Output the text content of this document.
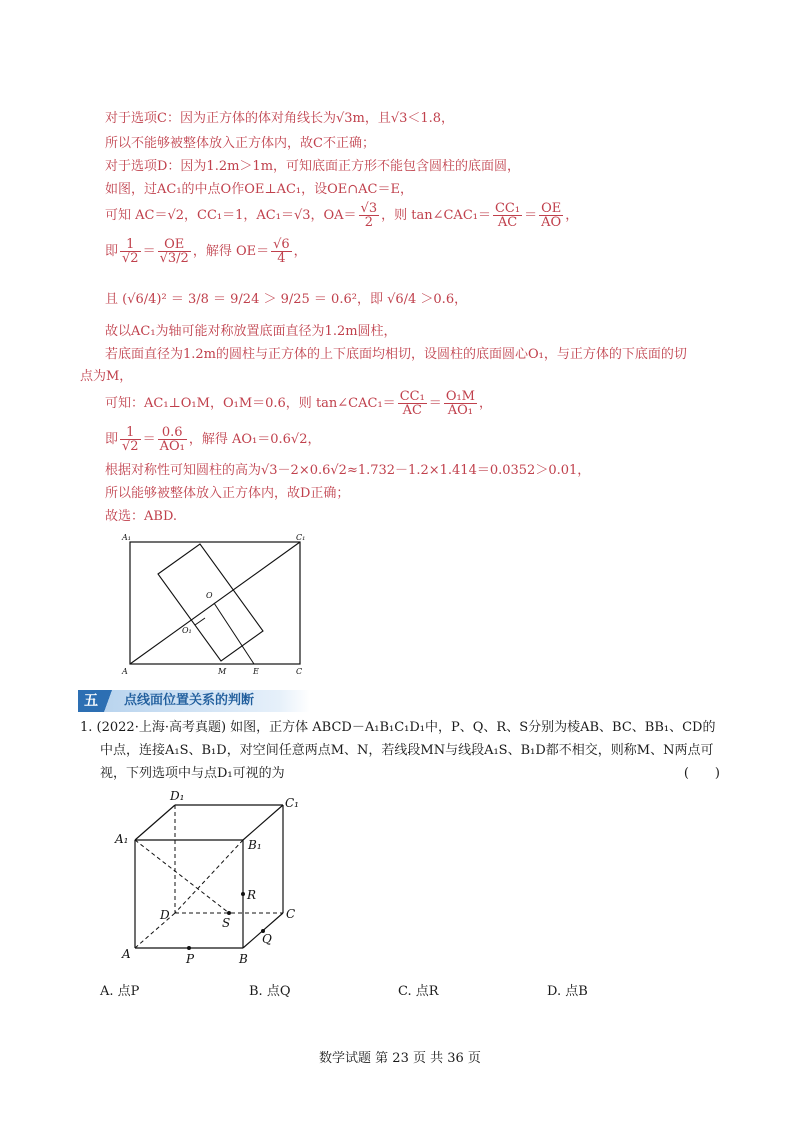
对于选项C：因为正方体的体对角线长为√3m，且√3＜1.8，
所以不能够被整体放入正方体内，故C不正确；
对于选项D：因为1.2m＞1m，可知底面正方形不能包含圆柱的底面圆，
如图，过AC₁的中点O作OE⊥AC₁，设OE∩AC＝E，
可知 AC＝√2，CC₁＝1，AC₁＝√3，$OA= \frac{√3}{2}$ ，则 tan∠CAC₁＝ $\frac{\text{CC₁}}{AC} = \frac{OE}{AO}$ ，
即 $\frac{1}{√2} = \frac{OE}{√3/2}$ ，解得 $OE= \frac{√6}{4}$ ，
且 (√6/4)² ＝ 3/8 ＝ 9/24 ＞ 9/25 ＝ 0.6²，即 √6/4 ＞0.6，
故以AC₁为轴可能对称放置底面直径为1.2m圆柱，
若底面直径为1.2m的圆柱与正方体的上下底面均相切，设圆柱的底面圆心O₁，与正方体的下底面的切
点为M，
可知：AC₁⊥O₁M，O₁M＝0.6，则 tan∠CAC₁＝ $\frac{\text{CC₁}}{AC} = \frac{\text{O₁M}}{\text{AO₁}}$ ，
即 $\frac{1}{√2} = \frac{0.6}{\text{AO₁}}$ ，解得 AO₁＝0.6√2，
根据对称性可知圆柱的高为√3－2×0.6√2≈1.732－1.2×1.414＝0.0352＞0.01，
所以能够被整体放入正方体内，故D正确；
故选：ABD.
A₁	C₁
A	C
M	E
O
O₁
五	点线面位置关系的判断
1. (2022·上海·高考真题) 如图，正方体 ABCD－A₁B₁C₁D₁中，P、Q、R、S分别为棱AB、BC、BB₁、CD的
中点，连接A₁S、B₁D，对空间任意两点M、N，若线段MN与线段A₁S、B₁D都不相交，则称M、N两点可
视，下列选项中与点D₁可视的为	(　　)
D₁	C₁
A₁	B₁
R
D
S
C
Q
A	P	B
A. 点P	B. 点Q	C. 点R	D. 点B
数学试题 第 23 页 共 36 页
